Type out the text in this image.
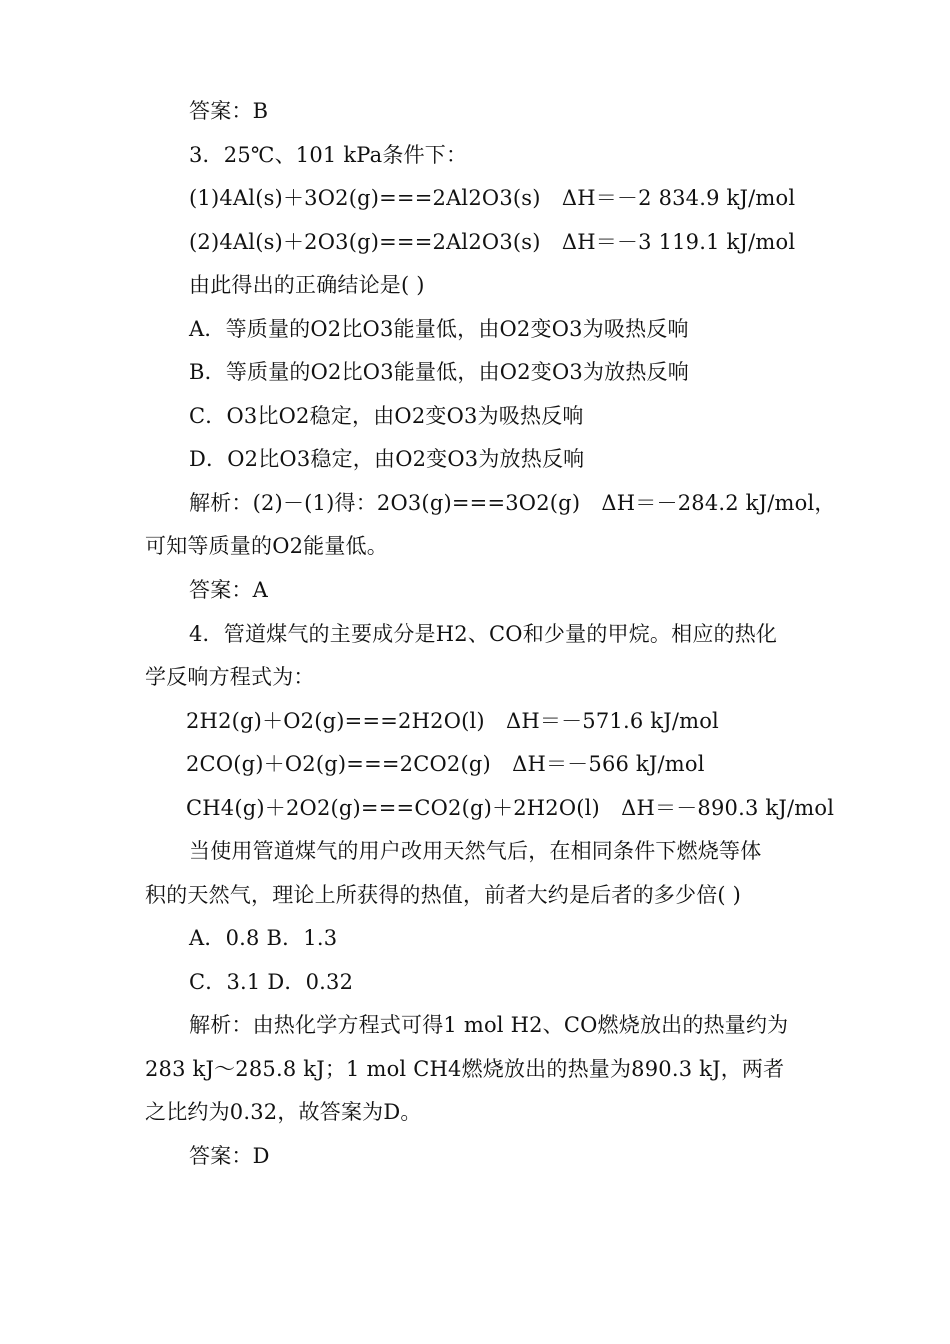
答案：B
3．25℃、101 kPa条件下：
(1)4Al(s)＋3O2(g)===2Al2O3(s)　ΔH＝－2 834.9 kJ/mol
(2)4Al(s)＋2O3(g)===2Al2O3(s)　ΔH＝－3 119.1 kJ/mol
由此得出的正确结论是( )
A．等质量的O2比O3能量低，由O2变O3为吸热反响
B．等质量的O2比O3能量低，由O2变O3为放热反响
C．O3比O2稳定，由O2变O3为吸热反响
D．O2比O3稳定，由O2变O3为放热反响
解析：(2)－(1)得：2O3(g)===3O2(g)　ΔH＝－284.2 kJ/mol，
可知等质量的O2能量低。
答案：A
4．管道煤气的主要成分是H2、CO和少量的甲烷。相应的热化
学反响方程式为：
2H2(g)＋O2(g)===2H2O(l)　ΔH＝－571.6 kJ/mol
2CO(g)＋O2(g)===2CO2(g)　ΔH＝－566 kJ/mol
CH4(g)＋2O2(g)===CO2(g)＋2H2O(l)　ΔH＝－890.3 kJ/mol
当使用管道煤气的用户改用天然气后，在相同条件下燃烧等体
积的天然气，理论上所获得的热值，前者大约是后者的多少倍( )
A．0.8 B．1.3
C．3.1 D．0.32
解析：由热化学方程式可得1 mol H2、CO燃烧放出的热量约为
283 kJ～285.8 kJ；1 mol CH4燃烧放出的热量为890.3 kJ，两者
之比约为0.32，故答案为D。
答案：D
